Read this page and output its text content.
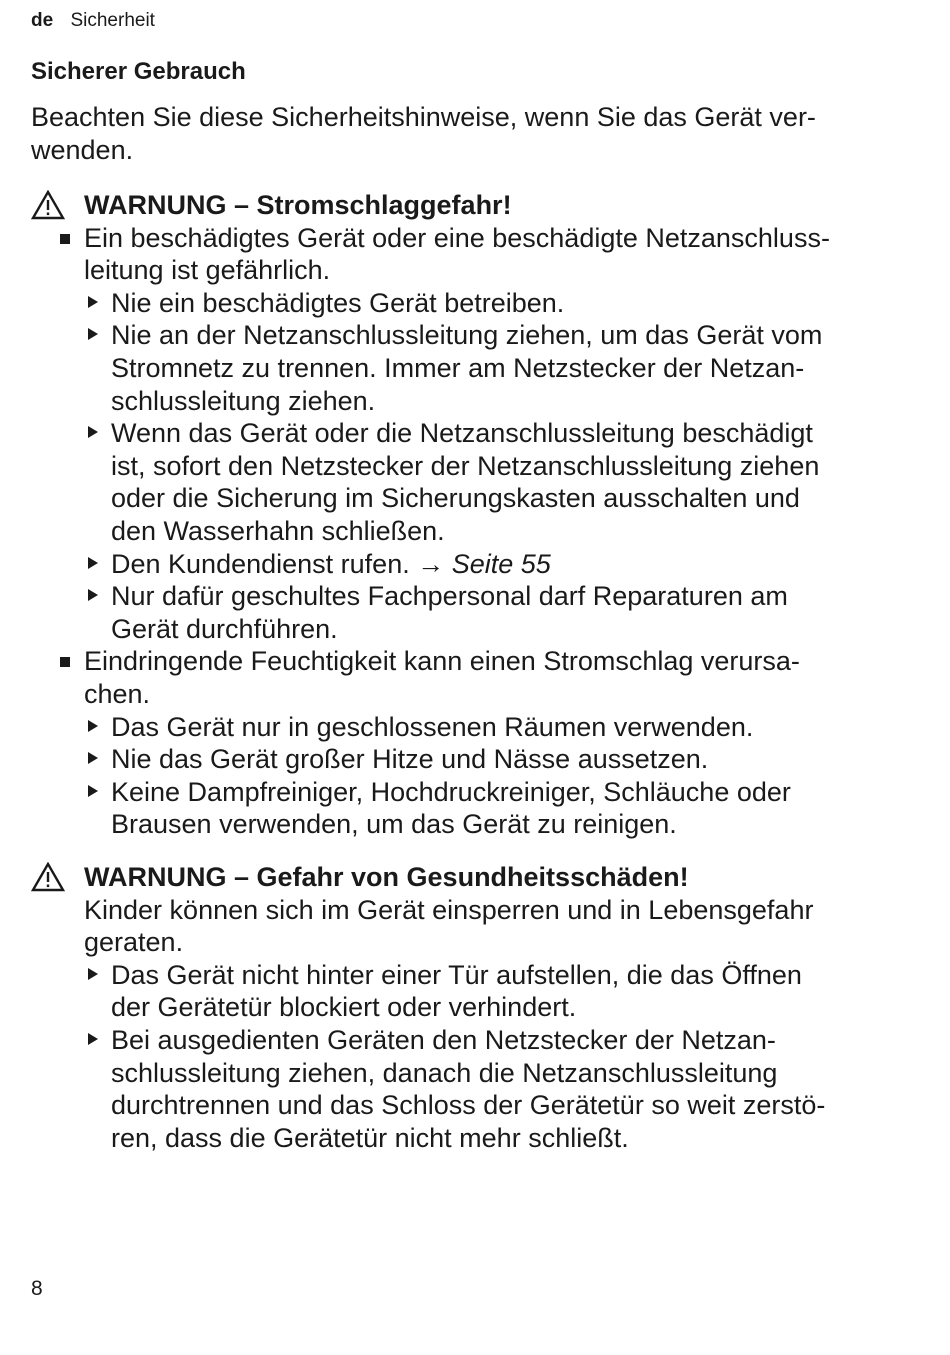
de Sicherheit
Sicherer Gebrauch
Beachten Sie diese Sicherheitshinweise, wenn Sie das Gerät ver-
wenden.
WARNUNG – Stromschlaggefahr!
Ein beschädigtes Gerät oder eine beschädigte Netzanschluss-
leitung ist gefährlich.
Nie ein beschädigtes Gerät betreiben.
Nie an der Netzanschlussleitung ziehen, um das Gerät vom
Stromnetz zu trennen. Immer am Netzstecker der Netzan-
schlussleitung ziehen.
Wenn das Gerät oder die Netzanschlussleitung beschädigt
ist, sofort den Netzstecker der Netzanschlussleitung ziehen
oder die Sicherung im Sicherungskasten ausschalten und
den Wasserhahn schließen.
Den Kundendienst rufen. → Seite 55
Nur dafür geschultes Fachpersonal darf Reparaturen am
Gerät durchführen.
Eindringende Feuchtigkeit kann einen Stromschlag verursa-
chen.
Das Gerät nur in geschlossenen Räumen verwenden.
Nie das Gerät großer Hitze und Nässe aussetzen.
Keine Dampfreiniger, Hochdruckreiniger, Schläuche oder
Brausen verwenden, um das Gerät zu reinigen.
WARNUNG – Gefahr von Gesundheitsschäden!
Kinder können sich im Gerät einsperren und in Lebensgefahr
geraten.
Das Gerät nicht hinter einer Tür aufstellen, die das Öffnen
der Gerätetür blockiert oder verhindert.
Bei ausgedienten Geräten den Netzstecker der Netzan-
schlussleitung ziehen, danach die Netzanschlussleitung
durchtrennen und das Schloss der Gerätetür so weit zerstö-
ren, dass die Gerätetür nicht mehr schließt.
8
